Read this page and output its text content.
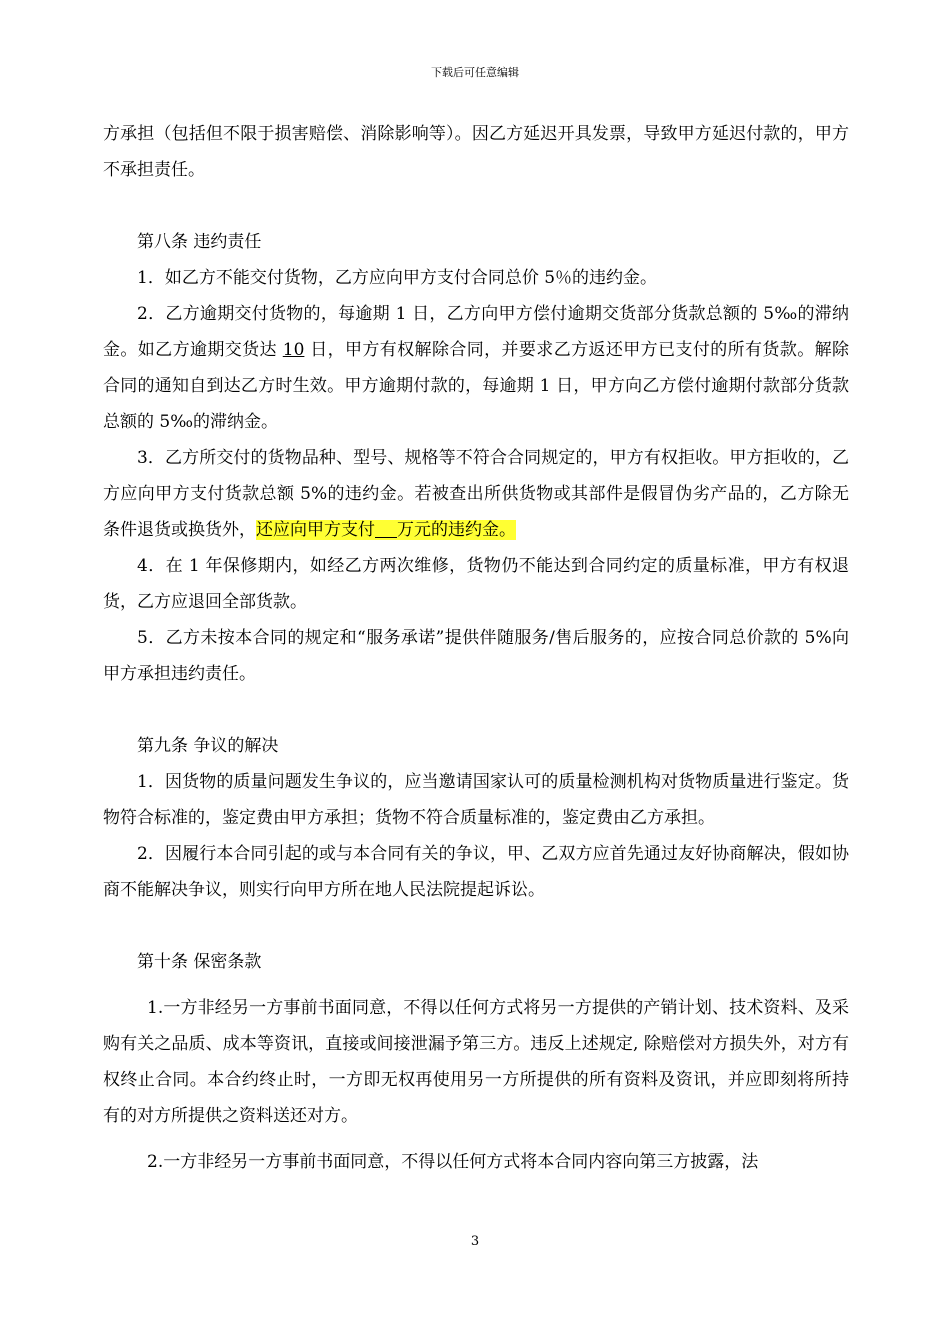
下载后可任意编辑

方承担（包括但不限于损害赔偿、消除影响等）。因乙方延迟开具发票，导致甲方延迟付款的，甲方不承担责任。

第八条 违约责任

1．如乙方不能交付货物，乙方应向甲方支付合同总价 5％的违约金。

2．乙方逾期交付货物的，每逾期 1 日，乙方向甲方偿付逾期交货部分货款总额的 5‰的滞纳金。如乙方逾期交货达 10 日，甲方有权解除合同，并要求乙方返还甲方已支付的所有货款。解除合同的通知自到达乙方时生效。甲方逾期付款的，每逾期 1 日，甲方向乙方偿付逾期付款部分货款总额的 5‰的滞纳金。

3．乙方所交付的货物品种、型号、规格等不符合合同规定的，甲方有权拒收。甲方拒收的，乙方应向甲方支付货款总额 5%的违约金。若被查出所供货物或其部件是假冒伪劣产品的，乙方除无条件退货或换货外，还应向甲方支付 万元的违约金。

4．在 1 年保修期内，如经乙方两次维修，货物仍不能达到合同约定的质量标准，甲方有权退货，乙方应退回全部货款。

5．乙方未按本合同的规定和“服务承诺”提供伴随服务/售后服务的，应按合同总价款的 5%向甲方承担违约责任。

第九条 争议的解决

1．因货物的质量问题发生争议的，应当邀请国家认可的质量检测机构对货物质量进行鉴定。货物符合标准的，鉴定费由甲方承担；货物不符合质量标准的，鉴定费由乙方承担。

2．因履行本合同引起的或与本合同有关的争议，甲、乙双方应首先通过友好协商解决，假如协商不能解决争议，则实行向甲方所在地人民法院提起诉讼。

第十条 保密条款

1.一方非经另一方事前书面同意，不得以任何方式将另一方提供的产销计划、技术资料、及采购有关之品质、成本等资讯，直接或间接泄漏予第三方。违反上述规定, 除赔偿对方损失外，对方有权终止合同。本合约终止时，一方即无权再使用另一方所提供的所有资料及资讯，并应即刻将所持有的对方所提供之资料送还对方。

2.一方非经另一方事前书面同意，不得以任何方式将本合同内容向第三方披露，法

3
